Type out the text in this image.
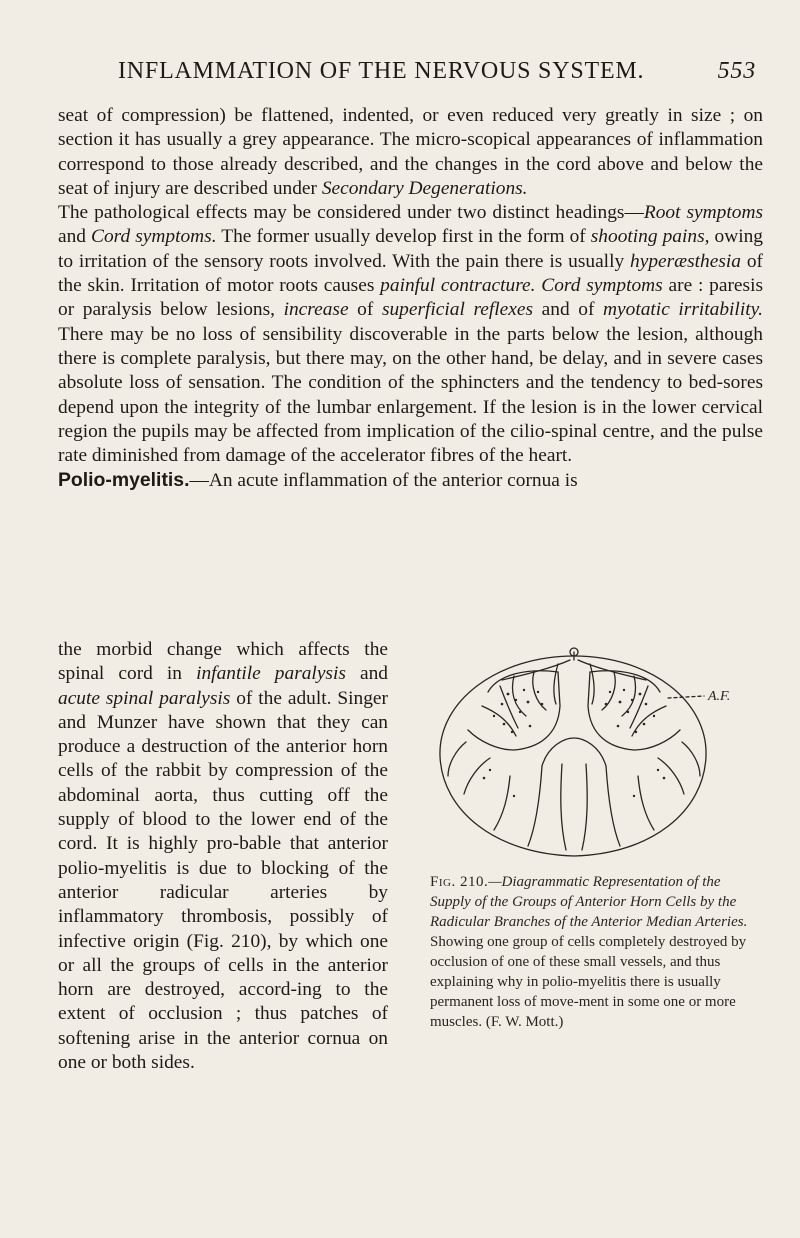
INFLAMMATION OF THE NERVOUS SYSTEM.	553

seat of compression) be flattened, indented, or even reduced very greatly in size ; on section it has usually a grey appearance. The micro-scopical appearances of inflammation correspond to those already described, and the changes in the cord above and below the seat of injury are described under Secondary Degenerations.

The pathological effects may be considered under two distinct headings—Root symptoms and Cord symptoms. The former usually develop first in the form of shooting pains, owing to irritation of the sensory roots involved. With the pain there is usually hyperæsthesia of the skin. Irritation of motor roots causes painful contracture. Cord symptoms are : paresis or paralysis below lesions, increase of superficial reflexes and of myotatic irritability. There may be no loss of sensibility discoverable in the parts below the lesion, although there is complete paralysis, but there may, on the other hand, be delay, and in severe cases absolute loss of sensation. The condition of the sphincters and the tendency to bed-sores depend upon the integrity of the lumbar enlargement. If the lesion is in the lower cervical region the pupils may be affected from implication of the cilio-spinal centre, and the pulse rate diminished from damage of the accelerator fibres of the heart.

Polio-myelitis.—An acute inflammation of the anterior cornua is

the morbid change which affects the spinal cord in infantile paralysis and acute spinal paralysis of the adult. Singer and Munzer have shown that they can produce a destruction of the anterior horn cells of the rabbit by compression of the abdominal aorta, thus cutting off the supply of blood to the lower end of the cord. It is highly pro-bable that anterior polio-myelitis is due to blocking of the anterior radicular arteries by inflammatory thrombosis, possibly of infective origin (Fig. 210), by which one or all the groups of cells in the anterior horn are destroyed, accord-ing to the extent of occlusion ; thus patches of softening arise in the anterior cornua on one or both sides.
A.F.
Fig. 210.—Diagrammatic Representation of the Supply of the Groups of Anterior Horn Cells by the Radicular Branches of the Anterior Median Arteries. Showing one group of cells completely destroyed by occlusion of one of these small vessels, and thus explaining why in polio-myelitis there is usually permanent loss of move-ment in some one or more muscles. (F. W. Mott.)
